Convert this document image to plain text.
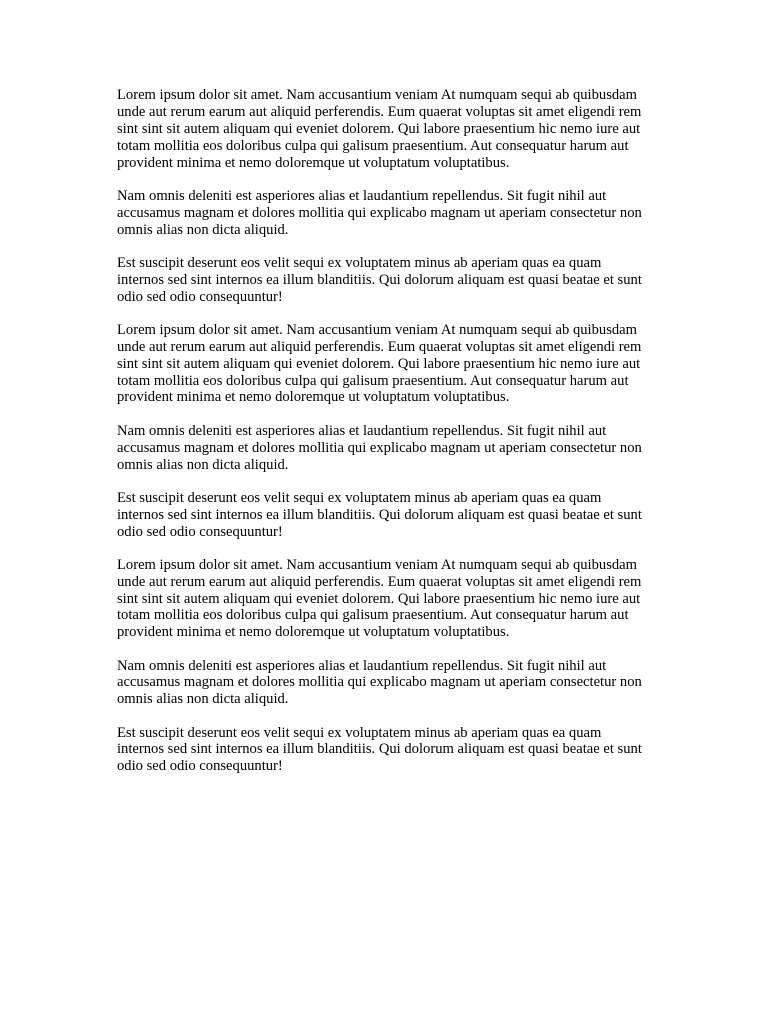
Lorem ipsum dolor sit amet. Nam accusantium veniam At numquam sequi ab quibusdam unde aut rerum earum aut aliquid perferendis. Eum quaerat voluptas sit amet eligendi rem sint sint sit autem aliquam qui eveniet dolorem. Qui labore praesentium hic nemo iure aut totam mollitia eos doloribus culpa qui galisum praesentium. Aut consequatur harum aut provident minima et nemo doloremque ut voluptatum voluptatibus.

Nam omnis deleniti est asperiores alias et laudantium repellendus. Sit fugit nihil aut accusamus magnam et dolores mollitia qui explicabo magnam ut aperiam consectetur non omnis alias non dicta aliquid.

Est suscipit deserunt eos velit sequi ex voluptatem minus ab aperiam quas ea quam internos sed sint internos ea illum blanditiis. Qui dolorum aliquam est quasi beatae et sunt odio sed odio consequuntur!

Lorem ipsum dolor sit amet. Nam accusantium veniam At numquam sequi ab quibusdam unde aut rerum earum aut aliquid perferendis. Eum quaerat voluptas sit amet eligendi rem sint sint sit autem aliquam qui eveniet dolorem. Qui labore praesentium hic nemo iure aut totam mollitia eos doloribus culpa qui galisum praesentium. Aut consequatur harum aut provident minima et nemo doloremque ut voluptatum voluptatibus.

Nam omnis deleniti est asperiores alias et laudantium repellendus. Sit fugit nihil aut accusamus magnam et dolores mollitia qui explicabo magnam ut aperiam consectetur non omnis alias non dicta aliquid.

Est suscipit deserunt eos velit sequi ex voluptatem minus ab aperiam quas ea quam internos sed sint internos ea illum blanditiis. Qui dolorum aliquam est quasi beatae et sunt odio sed odio consequuntur!

Lorem ipsum dolor sit amet. Nam accusantium veniam At numquam sequi ab quibusdam unde aut rerum earum aut aliquid perferendis. Eum quaerat voluptas sit amet eligendi rem sint sint sit autem aliquam qui eveniet dolorem. Qui labore praesentium hic nemo iure aut totam mollitia eos doloribus culpa qui galisum praesentium. Aut consequatur harum aut provident minima et nemo doloremque ut voluptatum voluptatibus.

Nam omnis deleniti est asperiores alias et laudantium repellendus. Sit fugit nihil aut accusamus magnam et dolores mollitia qui explicabo magnam ut aperiam consectetur non omnis alias non dicta aliquid.

Est suscipit deserunt eos velit sequi ex voluptatem minus ab aperiam quas ea quam internos sed sint internos ea illum blanditiis. Qui dolorum aliquam est quasi beatae et sunt odio sed odio consequuntur!
